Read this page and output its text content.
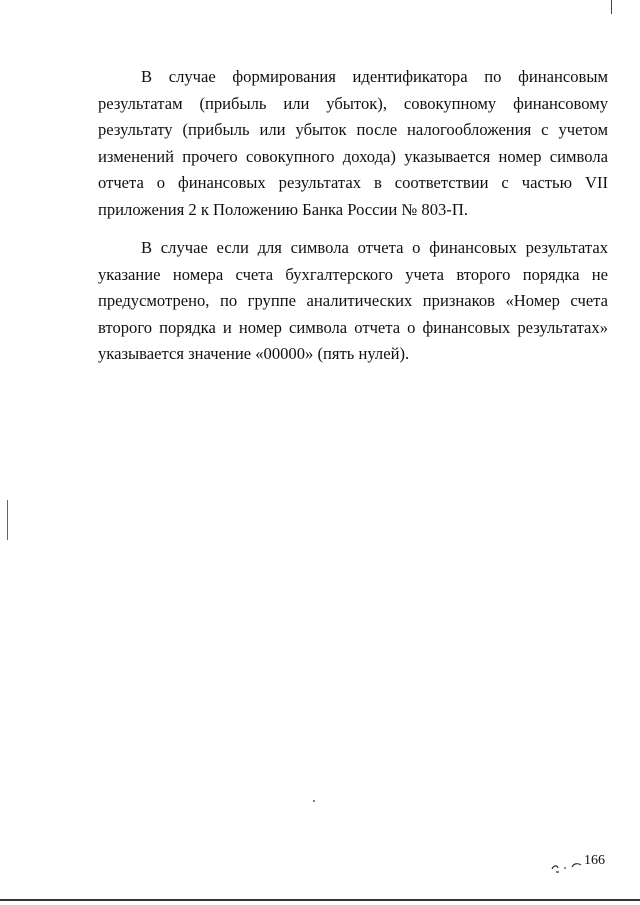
В случае формирования идентификатора по финансовым результатам (прибыль или убыток), совокупному финансовому результату (прибыль или убыток после налогообложения с учетом изменений прочего совокупного дохода) указывается номер символа отчета о финансовых результатах в соответствии с частью VII приложения 2 к Положению Банка России № 803-П.

В случае если для символа отчета о финансовых результатах указание номера счета бухгалтерского учета второго порядка не предусмотрено, по группе аналитических признаков «Номер счета второго порядка и номер символа отчета о финансовых результатах» указывается значение «00000» (пять нулей).

166
